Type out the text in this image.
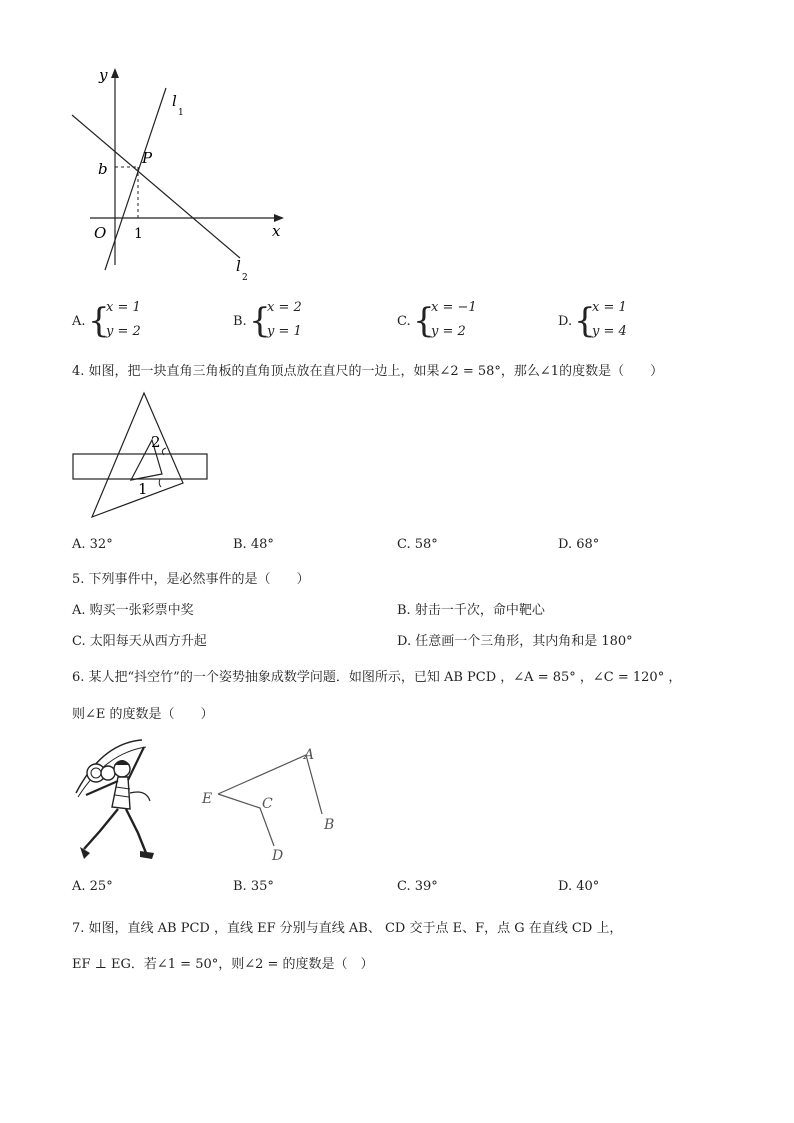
y
l
1
P
b
O 1	x
l
2
A. {
x = 1
y = 2
B. {
x = 2
y = 1
C. {
x = −1
y = 2
D. {
x = 1
y = 4
4. 如图，把一块直角三角板的直角顶点放在直尺的一边上，如果∠2 = 58°，那么∠1的度数是（　　）
2
1
A. 32°	B. 48°	C. 58°	D. 68°
5. 下列事件中，是必然事件的是（　　）
A. 购买一张彩票中奖	B. 射击一千次，命中靶心
C. 太阳每天从西方升起	D. 任意画一个三角形，其内角和是 180°
6. 某人把“抖空竹”的一个姿势抽象成数学问题．如图所示，已知 AB PCD ，∠A = 85° ，∠C = 120° ，
则∠E 的度数是（　　）
A
B
C
D
E
A. 25°	B. 35°	C. 39°	D. 40°
7. 如图，直线 AB PCD ，直线 EF 分别与直线 AB、 CD 交于点 E、F，点 G 在直线 CD 上，
EF ⊥ EG．若∠1 = 50°，则∠2 = 的度数是（　）
